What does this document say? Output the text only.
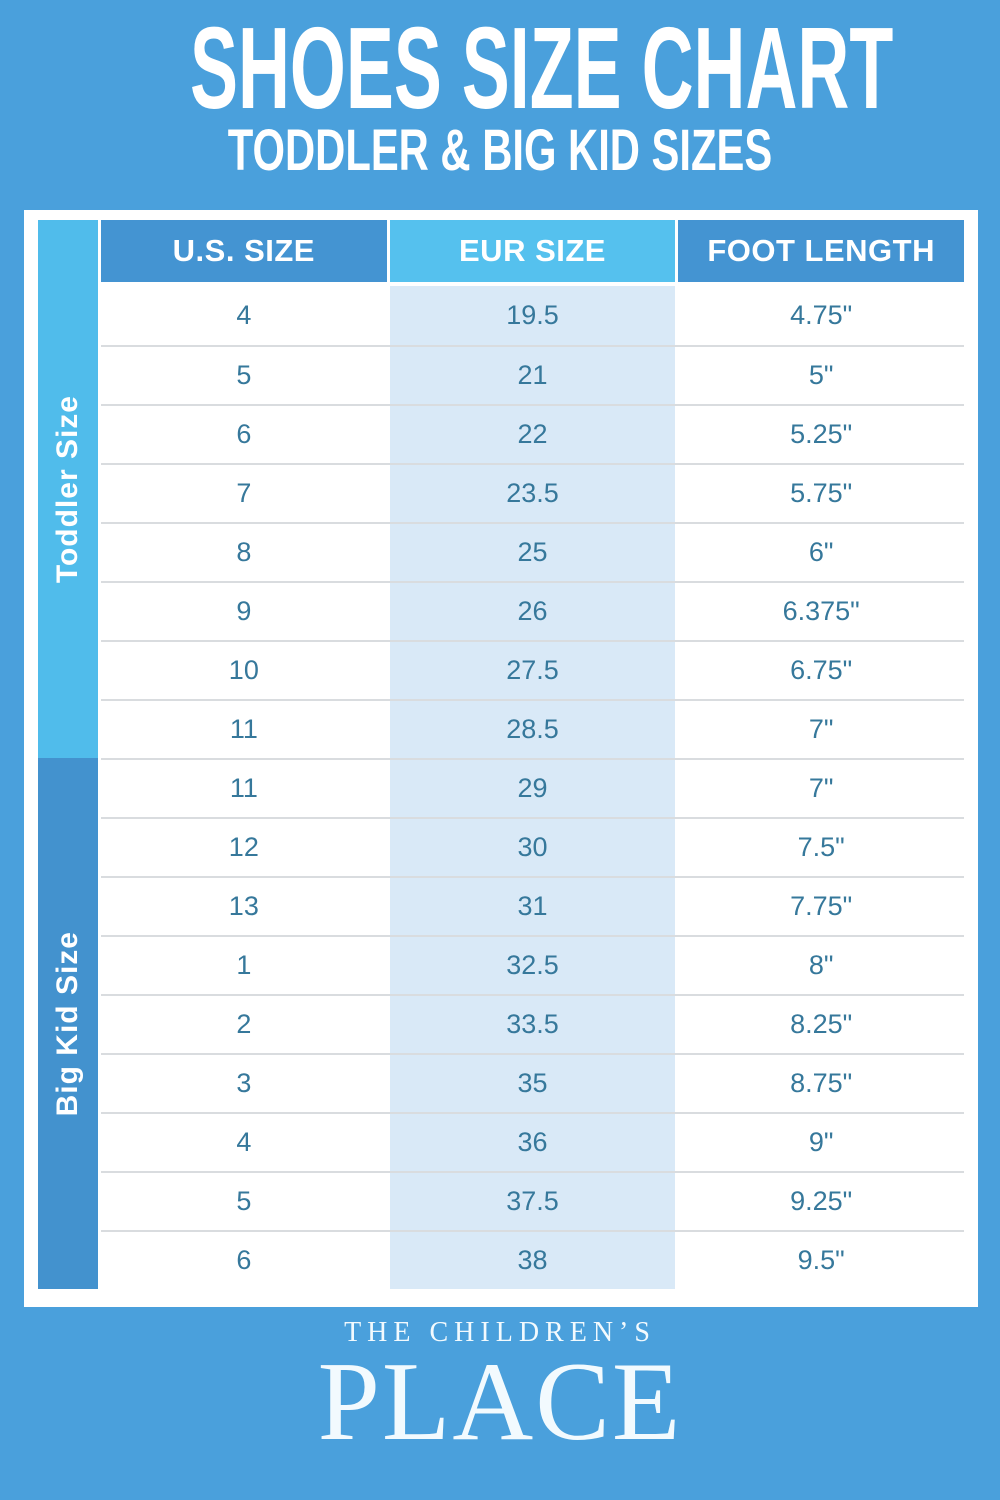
SHOES SIZE CHART
TODDLER & BIG KID SIZES
Toddler Size
Big Kid Size
U.S. SIZE	EUR SIZE	FOOT LENGTH
4	19.5	4.75"
5	21	5"
6	22	5.25"
7	23.5	5.75"
8	25	6"
9	26	6.375"
10	27.5	6.75"
11	28.5	7"
11	29	7"
12	30	7.5"
13	31	7.75"
1	32.5	8"
2	33.5	8.25"
3	35	8.75"
4	36	9"
5	37.5	9.25"
6	38	9.5"
THE CHILDREN’S
PLACE
